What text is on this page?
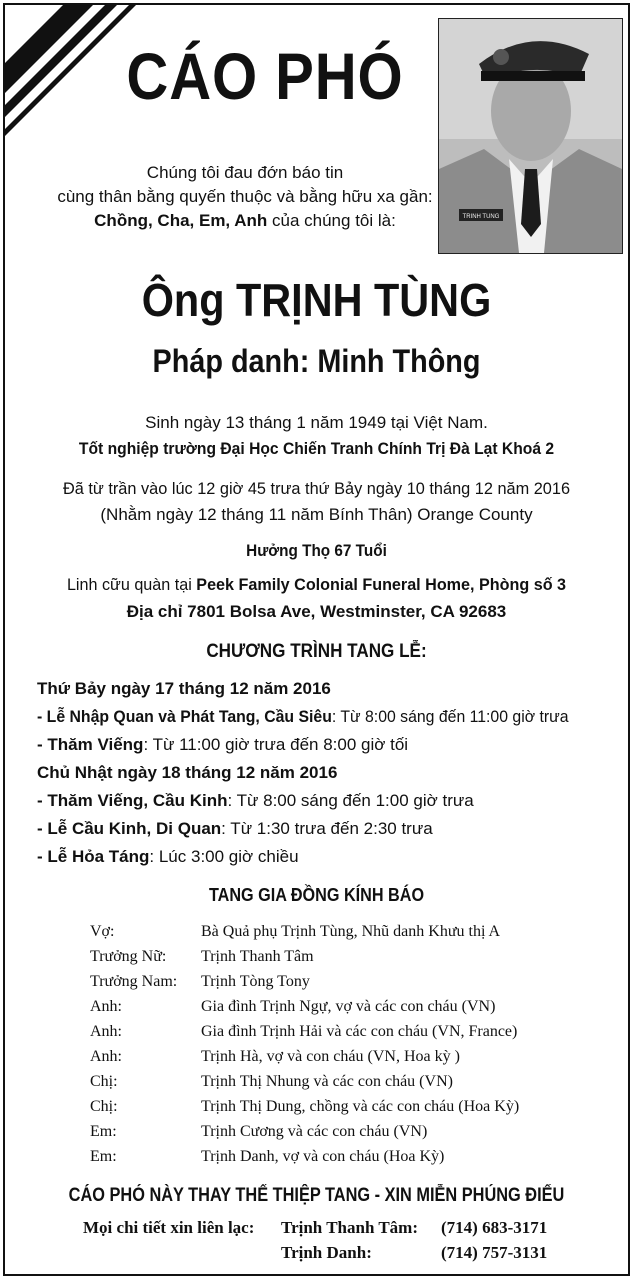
CÁO PHÓ
Chúng tôi đau đớn báo tin
cùng thân bằng quyến thuộc và bằng hữu xa gần:
Chồng, Cha, Em, Anh của chúng tôi là:	TRINH TUNG
Ông TRỊNH TÙNG
Pháp danh: Minh Thông
Sinh ngày 13 tháng 1 năm 1949 tại Việt Nam.
Tốt nghiệp trường Đại Học Chiến Tranh Chính Trị Đà Lạt Khoá 2
Đã từ trần vào lúc 12 giờ 45 trưa thứ Bảy ngày 10 tháng 12 năm 2016
(Nhằm ngày 12 tháng 11 năm Bính Thân) Orange County
Hưởng Thọ 67 Tuổi
Linh cữu quàn tại Peek Family Colonial Funeral Home, Phòng số 3
Địa chỉ 7801 Bolsa Ave, Westminster, CA 92683
CHƯƠNG TRÌNH TANG LỄ:
Thứ Bảy ngày 17 tháng 12 năm 2016
- Lễ Nhập Quan và Phát Tang, Cầu Siêu: Từ 8:00 sáng đến 11:00 giờ trưa
- Thăm Viếng: Từ 11:00 giờ trưa đến 8:00 giờ tối
Chủ Nhật ngày 18 tháng 12 năm 2016
- Thăm Viếng, Cầu Kinh: Từ 8:00 sáng đến 1:00 giờ trưa
- Lễ Cầu Kinh, Di Quan: Từ 1:30 trưa đến 2:30 trưa
- Lễ Hỏa Táng: Lúc 3:00 giờ chiều
TANG GIA ĐỒNG KÍNH BÁO
Vợ:	Bà Quả phụ Trịnh Tùng, Nhũ danh Khưu thị A
Trưởng Nữ: Trịnh Thanh Tâm
Trưởng Nam: Trịnh Tòng Tony
Anh:	Gia đình Trịnh Ngự, vợ và các con cháu (VN)
Anh:	Gia đình Trịnh Hải và các con cháu (VN, France)
Anh:	Trịnh Hà, vợ và con cháu (VN, Hoa kỳ )
Chị:	Trịnh Thị Nhung và các con cháu (VN)
Chị:	Trịnh Thị Dung, chồng và các con cháu (Hoa Kỳ)
Em:	Trịnh Cương và các con cháu (VN)
Em:	Trịnh Danh, vợ và con cháu (Hoa Kỳ)
CÁO PHÓ NÀY THAY THẾ THIỆP TANG - XIN MIỄN PHÚNG ĐIẾU
Mọi chi tiết xin liên lạc: Trịnh Thanh Tâm: (714) 683-3171
Trịnh Danh:	(714) 757-3131
